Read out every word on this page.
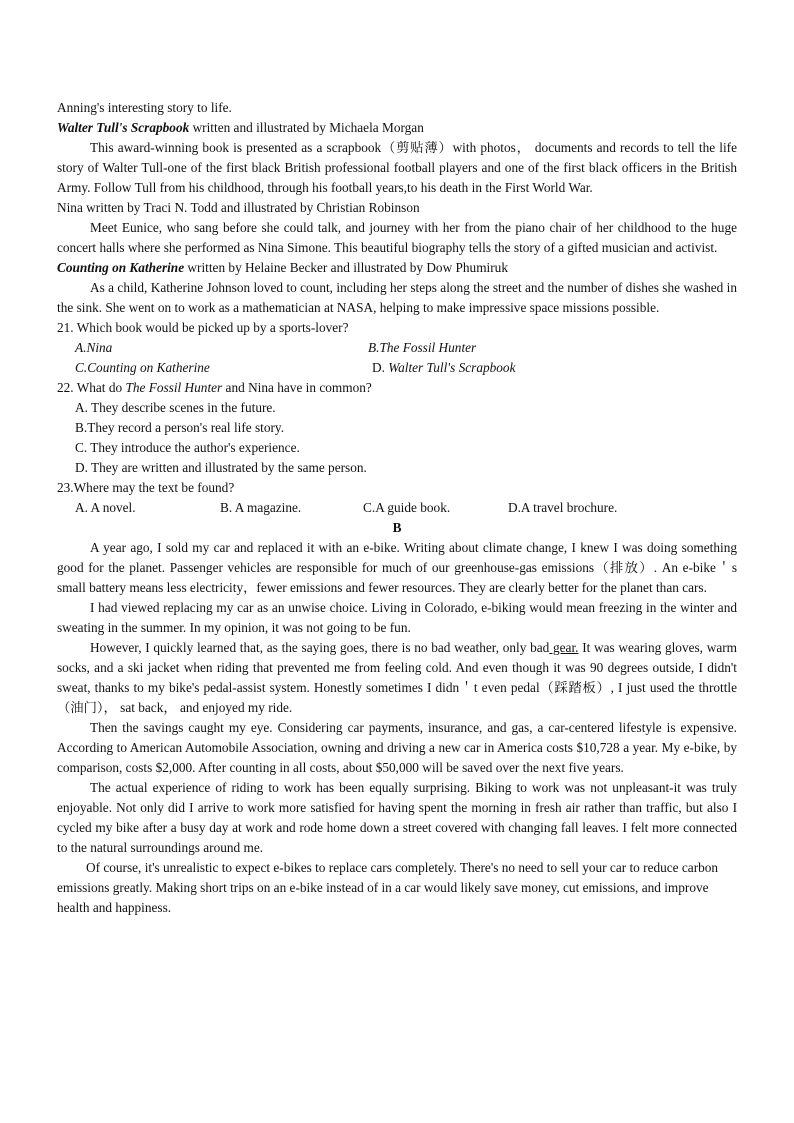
Anning's interesting story to life.

Walter Tull's Scrapbook written and illustrated by Michaela Morgan

This award-winning book is presented as a scrapbook（剪贴薄）with photos， documents and records to tell the life story of Walter Tull-one of the first black British professional football players and one of the first black officers in the British Army. Follow Tull from his childhood, through his football years,to his death in the First World War.

Nina written by Traci N. Todd and illustrated by Christian Robinson

Meet Eunice, who sang before she could talk, and journey with her from the piano chair of her childhood to the huge concert halls where she performed as Nina Simone. This beautiful biography tells the story of a gifted musician and activist.

Counting on Katherine written by Helaine Becker and illustrated by Dow Phumiruk

As a child, Katherine Johnson loved to count, including her steps along the street and the number of dishes she washed in the sink. She went on to work as a mathematician at NASA, helping to make impressive space missions possible.

21. Which book would be picked up by a sports-lover?

A.Nina	B.The Fossil Hunter
C.Counting on Katherine	D. Walter Tull's Scrapbook

22. What do The Fossil Hunter and Nina have in common?

A. They describe scenes in the future.

B.They record a person's real life story.

C. They introduce the author's experience.

D. They are written and illustrated by the same person.

23.Where may the text be found?

A. A novel.	B. A magazine.	C.A guide book.	D.A travel brochure.

B

A year ago, I sold my car and replaced it with an e-bike. Writing about climate change, I knew I was doing something good for the planet. Passenger vehicles are responsible for much of our greenhouse-gas emissions（排放）. An e-bike＇s small battery means less electricity，fewer emissions and fewer resources. They are clearly better for the planet than cars.

I had viewed replacing my car as an unwise choice. Living in Colorado, e-biking would mean freezing in the winter and sweating in the summer. In my opinion, it was not going to be fun.

However, I quickly learned that, as the saying goes, there is no bad weather, only bad gear. It was wearing gloves, warm socks, and a ski jacket when riding that prevented me from feeling cold. And even though it was 90 degrees outside, I didn't sweat, thanks to my bike's pedal-assist system. Honestly sometimes I didn＇t even pedal（踩踏板）, I just used the throttle（油门）， sat back， and enjoyed my ride.

Then the savings caught my eye. Considering car payments, insurance, and gas, a car-centered lifestyle is expensive. According to American Automobile Association, owning and driving a new car in America costs $10,728 a year. My e-bike, by comparison, costs $2,000. After counting in all costs, about $50,000 will be saved over the next five years.

The actual experience of riding to work has been equally surprising. Biking to work was not unpleasant-it was truly enjoyable. Not only did I arrive to work more satisfied for having spent the morning in fresh air rather than traffic, but also I cycled my bike after a busy day at work and rode home down a street covered with changing fall leaves. I felt more connected to the natural surroundings around me.

Of course, it's unrealistic to expect e-bikes to replace cars completely. There's no need to sell your car to reduce carbon emissions greatly. Making short trips on an e-bike instead of in a car would likely save money, cut emissions, and improve health and happiness.
